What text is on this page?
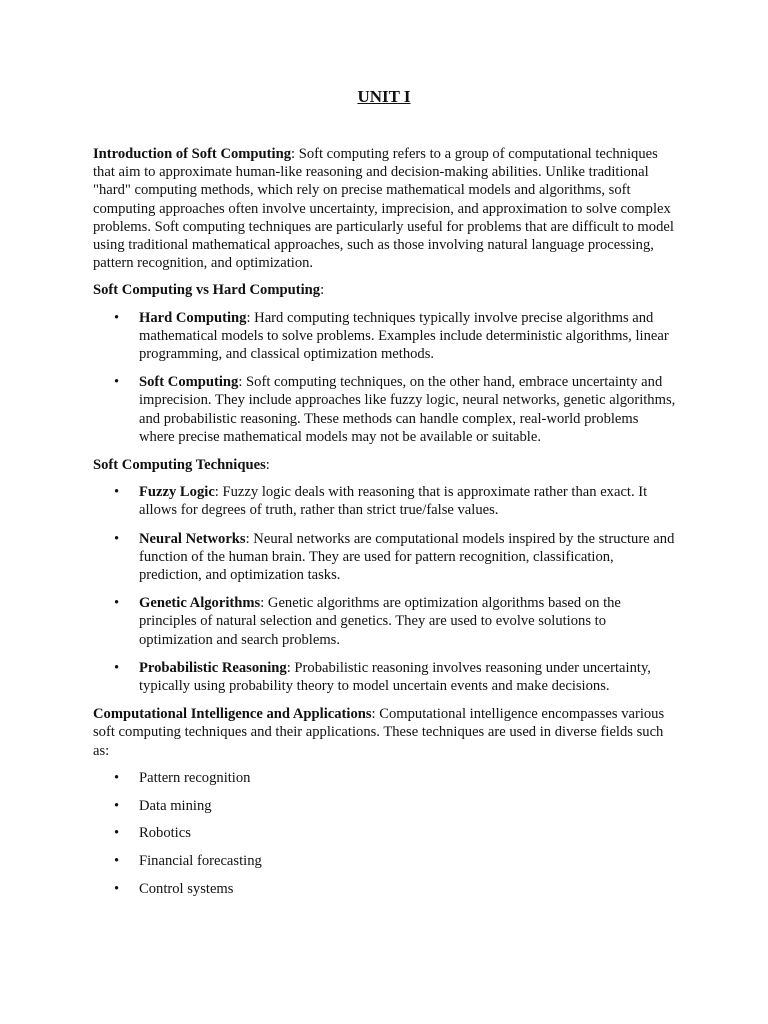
UNIT I

Introduction of Soft Computing: Soft computing refers to a group of computational techniques that aim to approximate human-like reasoning and decision-making abilities. Unlike traditional "hard" computing methods, which rely on precise mathematical models and algorithms, soft computing approaches often involve uncertainty, imprecision, and approximation to solve complex problems. Soft computing techniques are particularly useful for problems that are difficult to model using traditional mathematical approaches, such as those involving natural language processing, pattern recognition, and optimization.

Soft Computing vs Hard Computing:

• Hard Computing: Hard computing techniques typically involve precise algorithms and mathematical models to solve problems. Examples include deterministic algorithms, linear programming, and classical optimization methods.
• Soft Computing: Soft computing techniques, on the other hand, embrace uncertainty and imprecision. They include approaches like fuzzy logic, neural networks, genetic algorithms, and probabilistic reasoning. These methods can handle complex, real-world problems where precise mathematical models may not be available or suitable.

Soft Computing Techniques:

• Fuzzy Logic: Fuzzy logic deals with reasoning that is approximate rather than exact. It allows for degrees of truth, rather than strict true/false values.
• Neural Networks: Neural networks are computational models inspired by the structure and function of the human brain. They are used for pattern recognition, classification, prediction, and optimization tasks.
• Genetic Algorithms: Genetic algorithms are optimization algorithms based on the principles of natural selection and genetics. They are used to evolve solutions to optimization and search problems.
• Probabilistic Reasoning: Probabilistic reasoning involves reasoning under uncertainty, typically using probability theory to model uncertain events and make decisions.

Computational Intelligence and Applications: Computational intelligence encompasses various soft computing techniques and their applications. These techniques are used in diverse fields such as:

• Pattern recognition
• Data mining
• Robotics
• Financial forecasting
• Control systems
